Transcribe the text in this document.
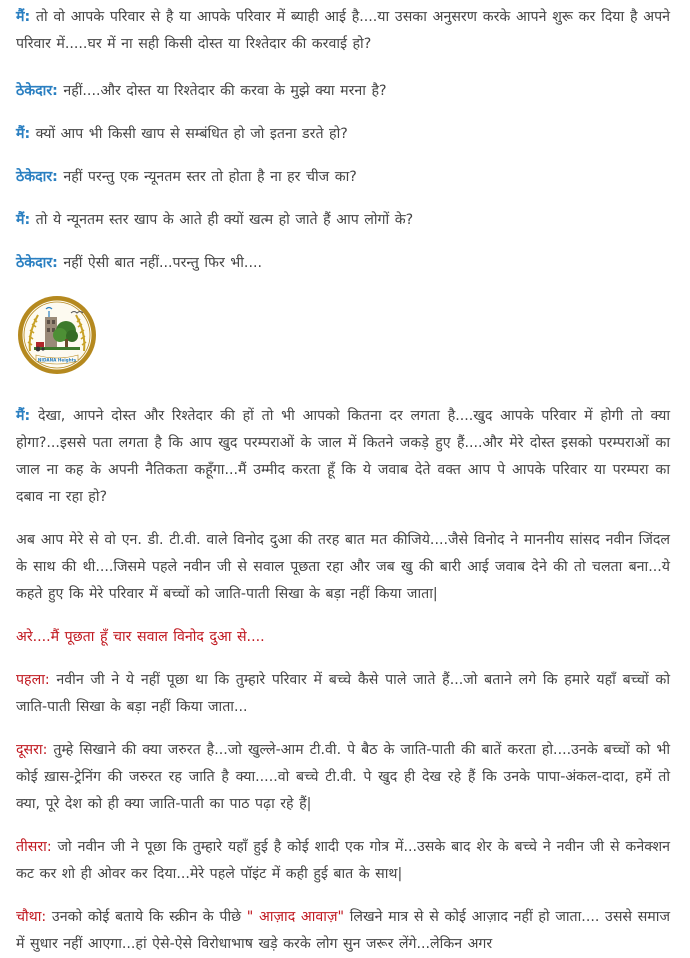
मैं: तो वो आपके परिवार से है या आपके परिवार में ब्याही आई है....या उसका अनुसरण करके आपने शुरू कर दिया है अपने परिवार में.....घर में ना सही किसी दोस्त या रिश्तेदार की करवाई हो?

ठेकेदार: नहीं....और दोस्त या रिश्तेदार की करवा के मुझे क्या मरना है?

मैं: क्यों आप भी किसी खाप से सम्बंधित हो जो इतना डरते हो?

ठेकेदार: नहीं परन्तु एक न्यूनतम स्तर तो होता है ना हर चीज का?

मैं: तो ये न्यूनतम स्तर खाप के आते ही क्यों खत्म हो जाते हैं आप लोगों के?

ठेकेदार: नहीं ऐसी बात नहीं...परन्तु फिर भी....

NIDANA Heights

मैं: देखा, आपने दोस्त और रिश्तेदार की हों तो भी आपको कितना दर लगता है....खुद आपके परिवार में होगी तो क्या होगा?...इससे पता लगता है कि आप खुद परम्पराओं के जाल में कितने जकड़े हुए हैं....और मेरे दोस्त इसको परम्पराओं का जाल ना कह के अपनी नैतिकता कहूँगा...मैं उम्मीद करता हूँ कि ये जवाब देते वक्त आप पे आपके परिवार या परम्परा का दबाव ना रहा हो?

अब आप मेरे से वो एन. डी. टी.वी. वाले विनोद दुआ की तरह बात मत कीजिये....जैसे विनोद ने माननीय सांसद नवीन जिंदल के साथ की थी....जिसमे पहले नवीन जी से सवाल पूछता रहा और जब खु की बारी आई जवाब देने की तो चलता बना...ये कहते हुए कि मेरे परिवार में बच्चों को जाति-पाती सिखा के बड़ा नहीं किया जाता|

अरे....मैं पूछता हूँ चार सवाल विनोद दुआ से....

पहला: नवीन जी ने ये नहीं पूछा था कि तुम्हारे परिवार में बच्चे कैसे पाले जाते हैं...जो बताने लगे कि हमारे यहाँ बच्चों को जाति-पाती सिखा के बड़ा नहीं किया जाता...

दूसरा: तुम्हे सिखाने की क्या जरुरत है...जो खुल्ले-आम टी.वी. पे बैठ के जाति-पाती की बातें करता हो....उनके बच्चों को भी कोई ख़ास-ट्रेनिंग की जरुरत रह जाति है क्या.....वो बच्चे टी.वी. पे खुद ही देख रहे हैं कि उनके पापा-अंकल-दादा, हमें तो क्या, पूरे देश को ही क्या जाति-पाती का पाठ पढ़ा रहे हैं|

तीसरा: जो नवीन जी ने पूछा कि तुम्हारे यहाँ हुई है कोई शादी एक गोत्र में...उसके बाद शेर के बच्चे ने नवीन जी से कनेक्शन कट कर शो ही ओवर कर दिया...मेरे पहले पॉइंट में कही हुई बात के साथ|

चौथा: उनको कोई बताये कि स्क्रीन के पीछे " आज़ाद आवाज़" लिखने मात्र से से कोई आज़ाद नहीं हो जाता.... उससे समाज में सुधार नहीं आएगा...हां ऐसे-ऐसे विरोधाभाष खड़े करके लोग सुन जरूर लेंगे...लेकिन अगर
